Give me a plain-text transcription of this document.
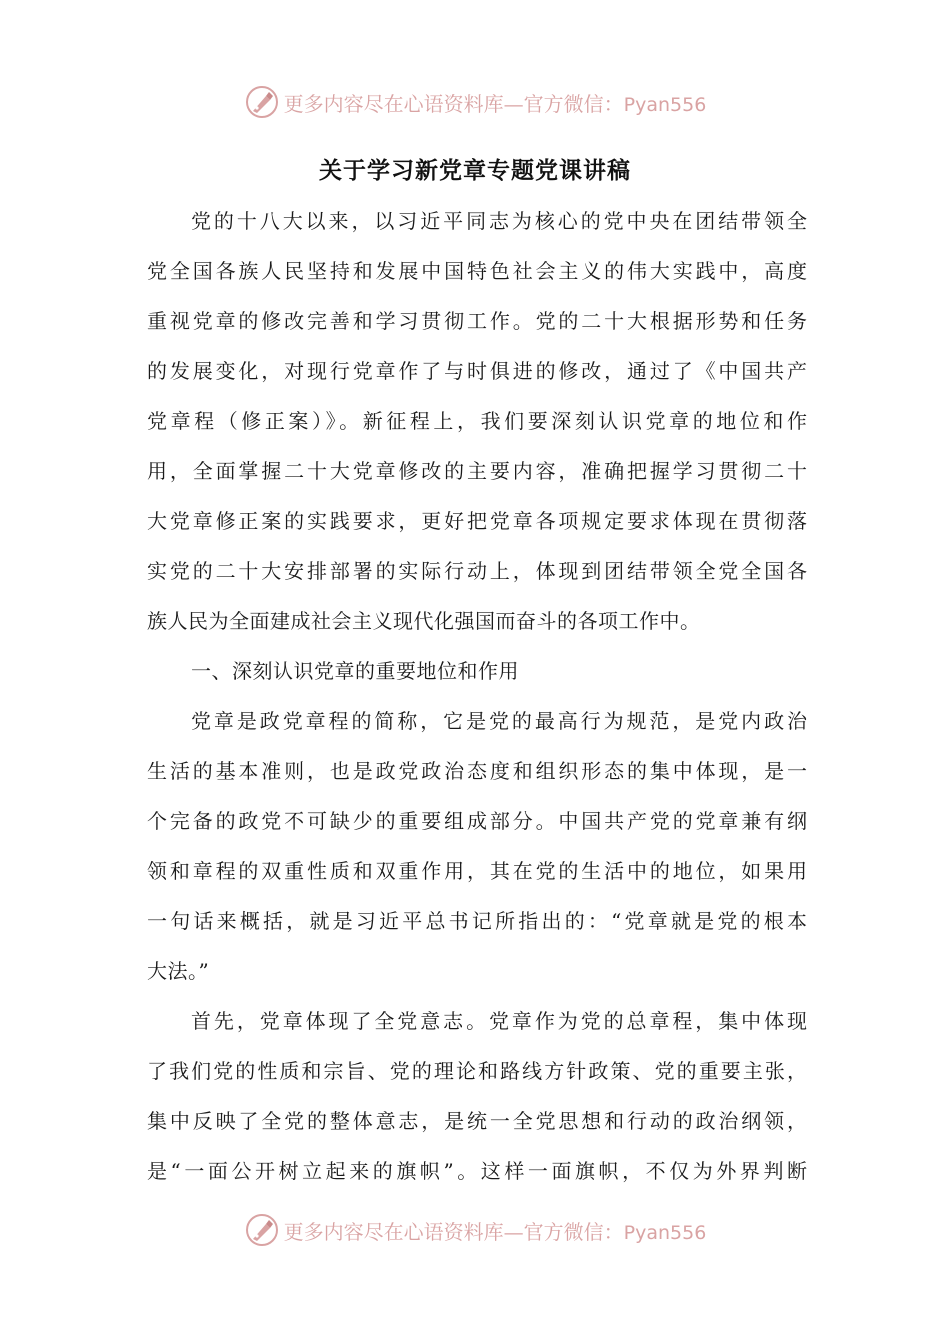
更多内容尽在心语资料库—官方微信：Pyan556
关于学习新党章专题党课讲稿
党的十八大以来，以习近平同志为核心的党中央在团结带领全
党全国各族人民坚持和发展中国特色社会主义的伟大实践中，高度
重视党章的修改完善和学习贯彻工作。党的二十大根据形势和任务
的发展变化，对现行党章作了与时俱进的修改，通过了《中国共产
党章程（修正案）》。新征程上，我们要深刻认识党章的地位和作
用，全面掌握二十大党章修改的主要内容，准确把握学习贯彻二十
大党章修正案的实践要求，更好把党章各项规定要求体现在贯彻落
实党的二十大安排部署的实际行动上，体现到团结带领全党全国各
族人民为全面建成社会主义现代化强国而奋斗的各项工作中。
一、深刻认识党章的重要地位和作用
党章是政党章程的简称，它是党的最高行为规范，是党内政治
生活的基本准则，也是政党政治态度和组织形态的集中体现，是一
个完备的政党不可缺少的重要组成部分。中国共产党的党章兼有纲
领和章程的双重性质和双重作用，其在党的生活中的地位，如果用
一句话来概括，就是习近平总书记所指出的：“党章就是党的根本
大法。”
首先，党章体现了全党意志。党章作为党的总章程，集中体现
了我们党的性质和宗旨、党的理论和路线方针政策、党的重要主张，
集中反映了全党的整体意志，是统一全党思想和行动的政治纲领，
是“一面公开树立起来的旗帜”。这样一面旗帜，不仅为外界判断
更多内容尽在心语资料库—官方微信：Pyan556
